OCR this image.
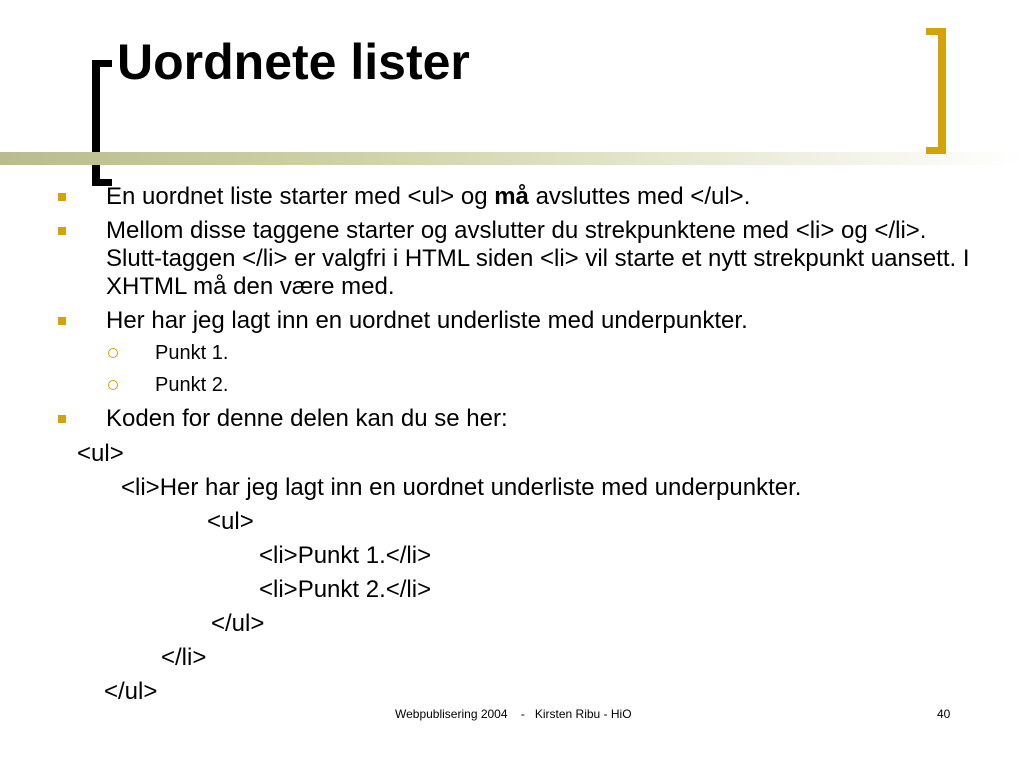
Uordnete lister
En uordnet liste starter med <ul> og må avsluttes med </ul>.
Mellom disse taggene starter og avslutter du strekpunktene med <li> og </li>. Slutt-taggen </li> er valgfri i HTML siden <li> vil starte et nytt strekpunkt uansett. I XHTML må den være med.
Her har jeg lagt inn en uordnet underliste med underpunkter.
Punkt 1.
Punkt 2.
Koden for denne delen kan du se her:
<ul>
<li>Her har jeg lagt inn en uordnet underliste med underpunkter.
<ul>
<li>Punkt 1.</li>
<li>Punkt 2.</li>
</ul>
</li>
</ul>
Webpublisering 2004    -   Kirsten Ribu - HiO	40
